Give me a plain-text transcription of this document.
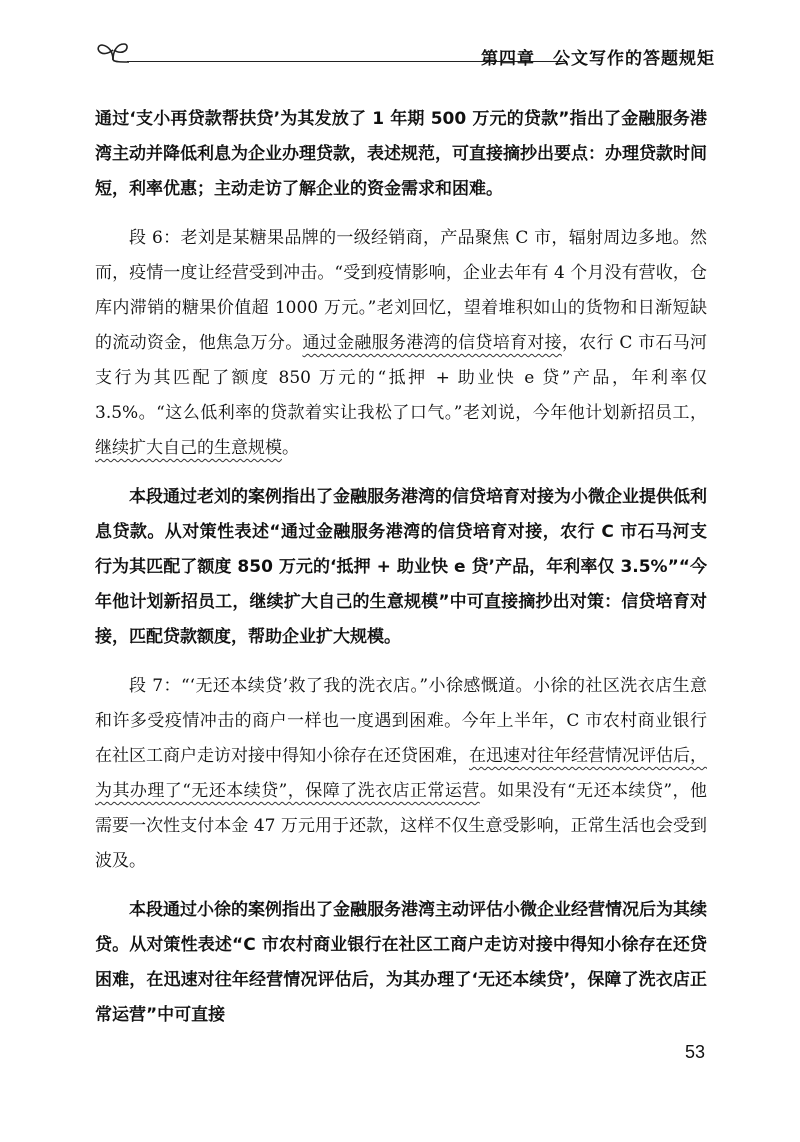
第四章　公文写作的答题规矩

通过‘支小再贷款帮扶贷’为其发放了 1 年期 500 万元的贷款”指出了金融服务港湾主动并降低利息为企业办理贷款，表述规范，可直接摘抄出要点：办理贷款时间短，利率优惠；主动走访了解企业的资金需求和困难。

段 6：老刘是某糖果品牌的一级经销商，产品聚焦 C 市，辐射周边多地。然而，疫情一度让经营受到冲击。“受到疫情影响，企业去年有 4 个月没有营收，仓库内滞销的糖果价值超 1000 万元。”老刘回忆，望着堆积如山的货物和日渐短缺的流动资金，他焦急万分。通过金融服务港湾的信贷培育对接，农行 C 市石马河支行为其匹配了额度 850 万元的“抵押 + 助业快 e 贷”产品，年利率仅 3.5%。“这么低利率的贷款着实让我松了口气。”老刘说，今年他计划新招员工，继续扩大自己的生意规模。

本段通过老刘的案例指出了金融服务港湾的信贷培育对接为小微企业提供低利息贷款。从对策性表述“通过金融服务港湾的信贷培育对接，农行 C 市石马河支行为其匹配了额度 850 万元的‘抵押 + 助业快 e 贷’产品，年利率仅 3.5%”“今年他计划新招员工，继续扩大自己的生意规模”中可直接摘抄出对策：信贷培育对接，匹配贷款额度，帮助企业扩大规模。

段 7：“‘无还本续贷’救了我的洗衣店。”小徐感慨道。小徐的社区洗衣店生意和许多受疫情冲击的商户一样也一度遇到困难。今年上半年，C 市农村商业银行在社区工商户走访对接中得知小徐存在还贷困难，在迅速对往年经营情况评估后，为其办理了“无还本续贷”，保障了洗衣店正常运营。如果没有“无还本续贷”，他需要一次性支付本金 47 万元用于还款，这样不仅生意受影响，正常生活也会受到波及。

本段通过小徐的案例指出了金融服务港湾主动评估小微企业经营情况后为其续贷。从对策性表述“C 市农村商业银行在社区工商户走访对接中得知小徐存在还贷困难，在迅速对往年经营情况评估后，为其办理了‘无还本续贷’，保障了洗衣店正常运营”中可直接

53
